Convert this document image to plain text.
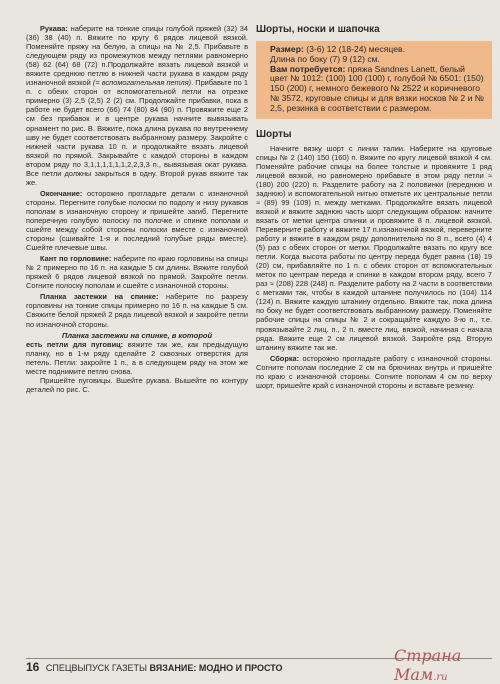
Рукава: наберите на тонкие спицы голубой пряжей (32) 34 (36) 38 (40) п. Вяжите по кругу 6 рядов лицевой вязкой. Поменяйте пряжу на белую, а спицы на № 2,5. Прибавьте в следующем ряду из промежутков между петлями равномерно (58) 62 (64) 68 (72) п.Продолжайте вязать лицевой вязкой и вяжите среднюю петлю в нижней части рукава в каждом ряду изнаночной вязкой (= вспомогательная петля). Прибавьте по 1 п. с обеих сторон от вспомогательной петли на отрезке примерно (3) 2,5 (2,5) 2 (2) см. Продолжайте прибавки, пока в работе не будет всего (66) 74 (80) 84 (90) п. Провяжите еще 2 см без прибавок и в центре рукава начните вывязывать орнамент по рис. В. Вяжите, пока длина рукава по внутреннему шву не будет соответствовать выбранному размеру. Закройте с нижней части рукава 10 п. и продолжайте вязать лицевой вязкой по прямой. Закрывайте с каждой стороны в каждом втором ряду по 3,1,1,1,1,1,1,2,2,3,3 п., вывязывая окат рукава. Все петли должны закрыться в одну. Второй рукав вяжите так же.

Окончание: осторожно прогладьте детали с изнаночной стороны. Перегните голубые полоски по подолу и низу рукавов пополам в изнаночную сторону и пришейте загиб. Перегните поперечную голубую полоску по полочке и спинке пополам и сшейте между собой стороны полоски вместе с изнаночной стороны (сшивайте 1-я и последний голубые ряды вместе). Сшейте плечевые швы.

Кант по горловине: наберите по краю горловины на спицы № 2 примерно по 16 п. на каждые 5 см длины. Вяжите голубой пряжей 6 рядов лицевой вязкой по прямой. Закройте петли. Согните полоску пополам и сшейте с изнаночной стороны.

Планка застежки на спинке: наберите по разрезу горловины на тонкие спицы примерно по 16 п. на каждые 5 см. Свяжите белой пряжей 2 ряда лицевой вязкой и закройте петли по изнаночной стороны.

Планка застежки на спинке, в которой

есть петли для пуговиц: вяжите так же, как предыдущую планку, но в 1-м ряду сделайте 2 сквозных отверстия для петель. Петли: закройте 1 п., а в следующем ряду на этом же месте поднимите петлю снова.

Пришейте пуговицы. Вшейте рукава. Вышейте по контуру деталей по рис. С.

Шорты, носки и шапочка
Размер: (3-6) 12 (18-24) месяцев.
Длина по боку (7) 9 (12) см.
Вам потребуется: пряжа Sandnes Lanett, белый цвет № 1012: (100) 100 (100) г, голубой № 6501: (150) 150 (200) г, немного бежевого № 2522 и коричневого № 3572, круговые спицы и для вязки носков № 2 и № 2,5, резинка в соответствии с размером.
Шорты

Начните вязку шорт с линии талии. Наберите на круговые спицы № 2 (140) 150 (160) п. Вяжите по кругу лицевой вязкой 4 см. Поменяйте рабочие спицы на более толстые и провяжите 1 ряд лицевой вязкой, но равномерно прибавьте в этом ряду петли ≈ (180) 200 (220) п. Разделите работу на 2 половинки (переднюю и заднюю) и вспомогательной нитью отметьте их центральные петли ≈ (89) 99 (109) п. между метками. Продолжайте вязать лицевой вязкой и вяжите заднюю часть шорт следующим образом: начните вязать от метки центра спинки и провяжите 8 п. лицевой вязкой. Переверните работу и вяжите 17 п.изнаночной вязкой, переверните работу и вяжите в каждом ряду дополнительно по 8 п., всего (4) 4 (5) раз с обеих сторон от метки. Продолжайте вязать по кругу все петли. Когда высота работы по центру переда будет равна (18) 19 (20) см, прибавляйте по 1 п. с обеих сторон от вспомогательных меток по центрам переда и спинки в каждом втором ряду, всего 7 раз ≈ (208) 228 (248) п. Разделите работу на 2 части в соответствии с метками так, чтобы в каждой штанине получилось по (104) 114 (124) п. Вяжите каждую штанину отдельно. Вяжите так, пока длина по боку не будет соответствовать выбранному размеру. Поменяйте рабочие спицы на спицы № 2 и сокращайте каждую 3-ю п., т.е. провязывайте 2 лиц. п., 2 п. вместе лиц. вязкой, начиная с начала ряда. Вяжите еще 2 см лицевой вязкой. Закройте ряд. Вторую штанину вяжите так же.

Сборка: осторожно прогладьте работу с изнаночной стороны. Согните пополам последние 2 см на брючинах внутрь и пришейте по краю с изнаночной стороны. Согните пополам 4 см по верху шорт, пришейте край с изнаночной стороны и вставьте резинку.

16 СПЕЦВЫПУСК ГАЗЕТЫ ВЯЗАНИЕ: МОДНО И ПРОСТО
Страна Мам.ru
